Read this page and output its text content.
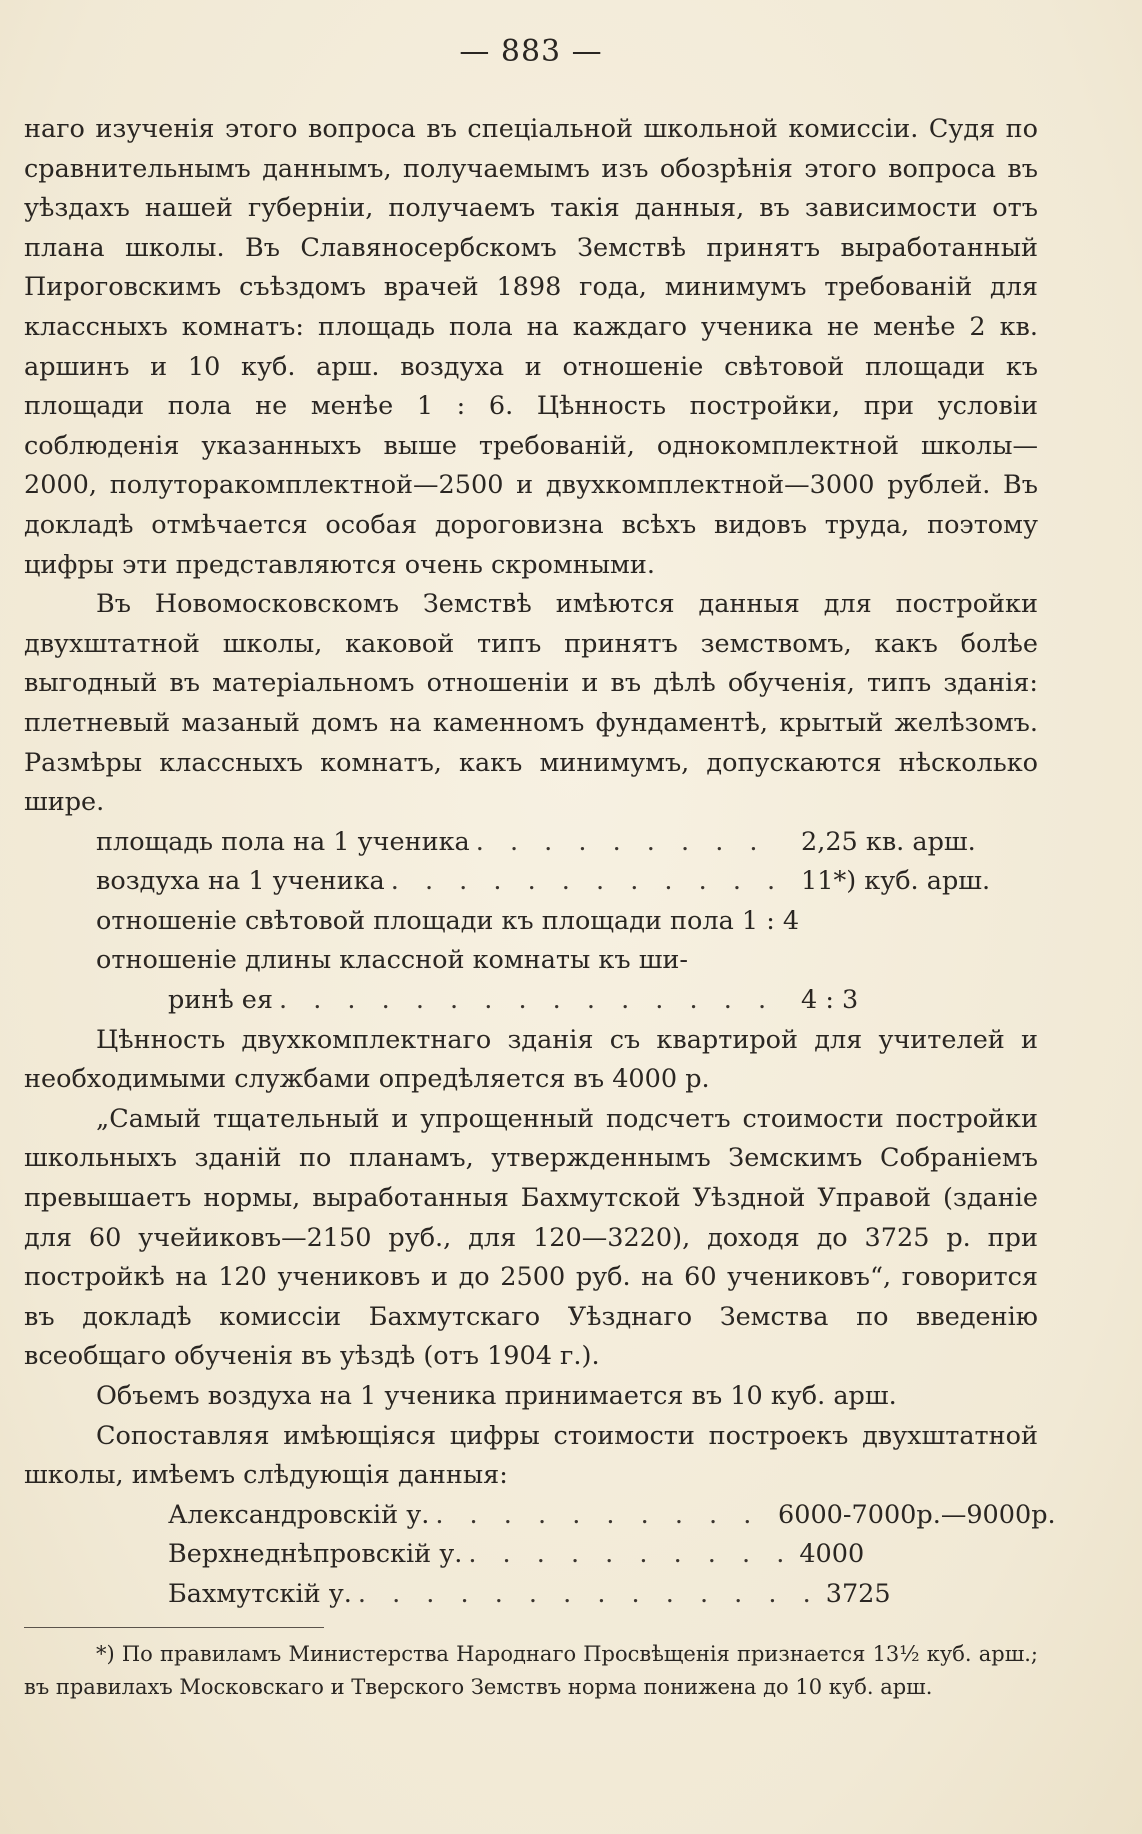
— 883 —

наго изученія этого вопроса въ спеціальной школьной комиссіи. Судя по сравнительнымъ даннымъ, получаемымъ изъ обозрѣнія этого вопроса въ уѣздахъ нашей губерніи, получаемъ такія данныя, въ зависимости отъ плана школы. Въ Славяносербскомъ Земствѣ принятъ выработанный Пироговскимъ съѣздомъ врачей 1898 года, минимумъ требованій для классныхъ комнатъ: площадь пола на каждаго ученика не менѣе 2 кв. аршинъ и 10 куб. арш. воздуха и отношеніе свѣтовой площади къ площади пола не менѣе 1 : 6. Цѣнность постройки, при условіи соблюденія указанныхъ выше требованій, однокомплектной школы—2000, полуторакомплектной—2500 и двухкомплектной—3000 рублей. Въ докладѣ отмѣчается особая дороговизна всѣхъ видовъ труда, поэтому цифры эти представляются очень скромными.

Въ Новомосковскомъ Земствѣ имѣются данныя для постройки двухштатной школы, каковой типъ принятъ земствомъ, какъ болѣе выгодный въ матеріальномъ отношеніи и въ дѣлѣ обученія, типъ зданія: плетневый мазаный домъ на каменномъ фундаментѣ, крытый желѣзомъ. Размѣры классныхъ комнатъ, какъ минимумъ, допускаются нѣсколько шире.

площадь пола на 1 ученика . . . . . . . . .	2,25 кв. арш.
воздуха на 1 ученика . . . . . . . . . . . . 11*) куб. арш.
отношеніе свѣтовой площади къ площади пола 1 : 4
отношеніе длины классной комнаты къ ши-
ринѣ ея . . . . . . . . . . . . . . .	4 : 3

Цѣнность двухкомплектнаго зданія съ квартирой для учителей и необходимыми службами опредѣляется въ 4000 р.

„Самый тщательный и упрощенный подсчетъ стоимости постройки школьныхъ зданій по планамъ, утвержденнымъ Земскимъ Собраніемъ превышаетъ нормы, выработанныя Бахмутской Уѣздной Управой (зданіе для 60 учейиковъ—2150 руб., для 120—3220), доходя до 3725 р. при постройкѣ на 120 учениковъ и до 2500 руб. на 60 учениковъ“, говорится въ докладѣ комиссіи Бахмутскаго Уѣзднаго Земства по введенію всеобщаго обученія въ уѣздѣ (отъ 1904 г.).

Объемъ воздуха на 1 ученика принимается въ 10 куб. арш.

Сопоставляя имѣющіяся цифры стоимости построекъ двухштатной школы, имѣемъ слѣдующія данныя:

Александровскій у. . . . . . . . . . . 6000-7000р.—9000р.
Верхнеднѣпровскій у. . . . . . . . . . . 4000
Бахмутскій у. . . . . . . . . . . . . . . 3725

*) По правиламъ Министерства Народнаго Просвѣщенія признается 13½ куб. арш.; въ правилахъ Московскаго и Тверского Земствъ норма понижена до 10 куб. арш.
